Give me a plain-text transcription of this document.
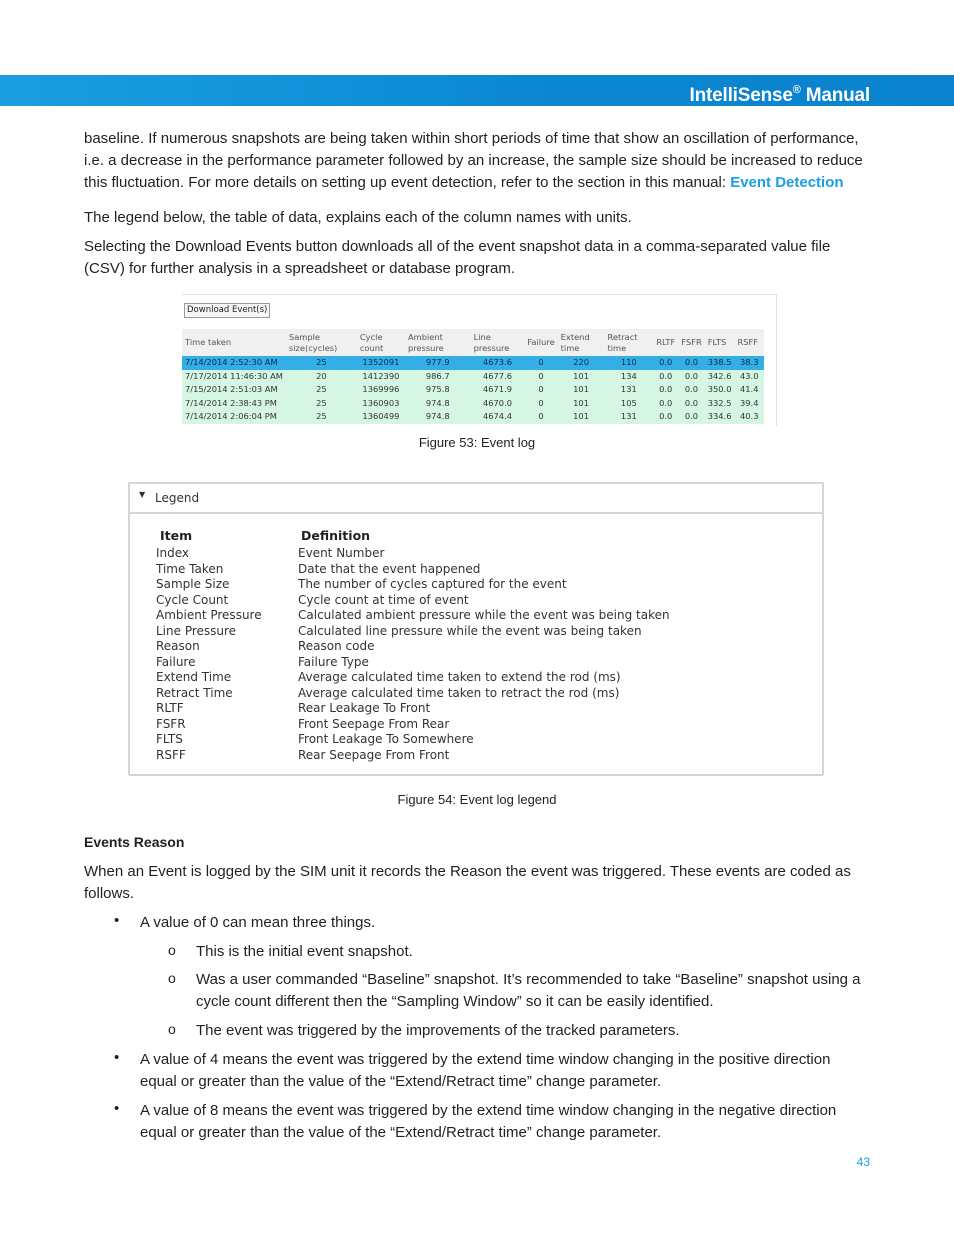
IntelliSense® Manual

baseline. If numerous snapshots are being taken within short periods of time that show an oscillation of performance, i.e. a decrease in the performance parameter followed by an increase, the sample size should be increased to reduce this fluctuation. For more details on setting up event detection, refer to the section in this manual: Event Detection

The legend below, the table of data, explains each of the column names with units.

Selecting the Download Events button downloads all of the event snapshot data in a comma-separated value file (CSV) for further analysis in a spreadsheet or database program.

Download Event(s)
Time taken	Sample size(cycles)	Cycle count	Ambient pressure	Line pressure	Failure	Extend time	Retract time	RLTF	FSFR	FLTS	RSFF
7/14/2014 2:52:30 AM	25	1352091	977.9	4673.6	0	220	110	0.0	0.0	338.5	38.3
7/17/2014 11:46:30 AM	20	1412390	986.7	4677.6	0	101	134	0.0	0.0	342.6	43.0
7/15/2014 2:51:03 AM	25	1369996	975.8	4671.9	0	101	131	0.0	0.0	350.0	41.4
7/14/2014 2:38:43 PM	25	1360903	974.8	4670.0	0	101	105	0.0	0.0	332.5	39.4
7/14/2014 2:06:04 PM	25	1360499	974.8	4674.4	0	101	131	0.0	0.0	334.6	40.3
Figure 53: Event log
▼ Legend
Item	Definition
Index	Event Number
Time Taken	Date that the event happened
Sample Size	The number of cycles captured for the event
Cycle Count	Cycle count at time of event
Ambient Pressure	Calculated ambient pressure while the event was being taken
Line Pressure	Calculated line pressure while the event was being taken
Reason	Reason code
Failure	Failure Type
Extend Time	Average calculated time taken to extend the rod (ms)
Retract Time	Average calculated time taken to retract the rod (ms)
RLTF	Rear Leakage To Front
FSFR	Front Seepage From Rear
FLTS	Front Leakage To Somewhere
RSFF	Rear Seepage From Front
Figure 54: Event log legend
Events Reason

When an Event is logged by the SIM unit it records the Reason the event was triggered. These events are coded as follows.

• A value of 0 can mean three things.

o This is the initial event snapshot.

o Was a user commanded “Baseline” snapshot. It’s recommended to take “Baseline” snapshot using a cycle count different then the “Sampling Window” so it can be easily identified.

o The event was triggered by the improvements of the tracked parameters.

• A value of 4 means the event was triggered by the extend time window changing in the positive direction equal or greater than the value of the “Extend/Retract time” change parameter.

• A value of 8 means the event was triggered by the extend time window changing in the negative direction equal or greater than the value of the “Extend/Retract time” change parameter.

43
